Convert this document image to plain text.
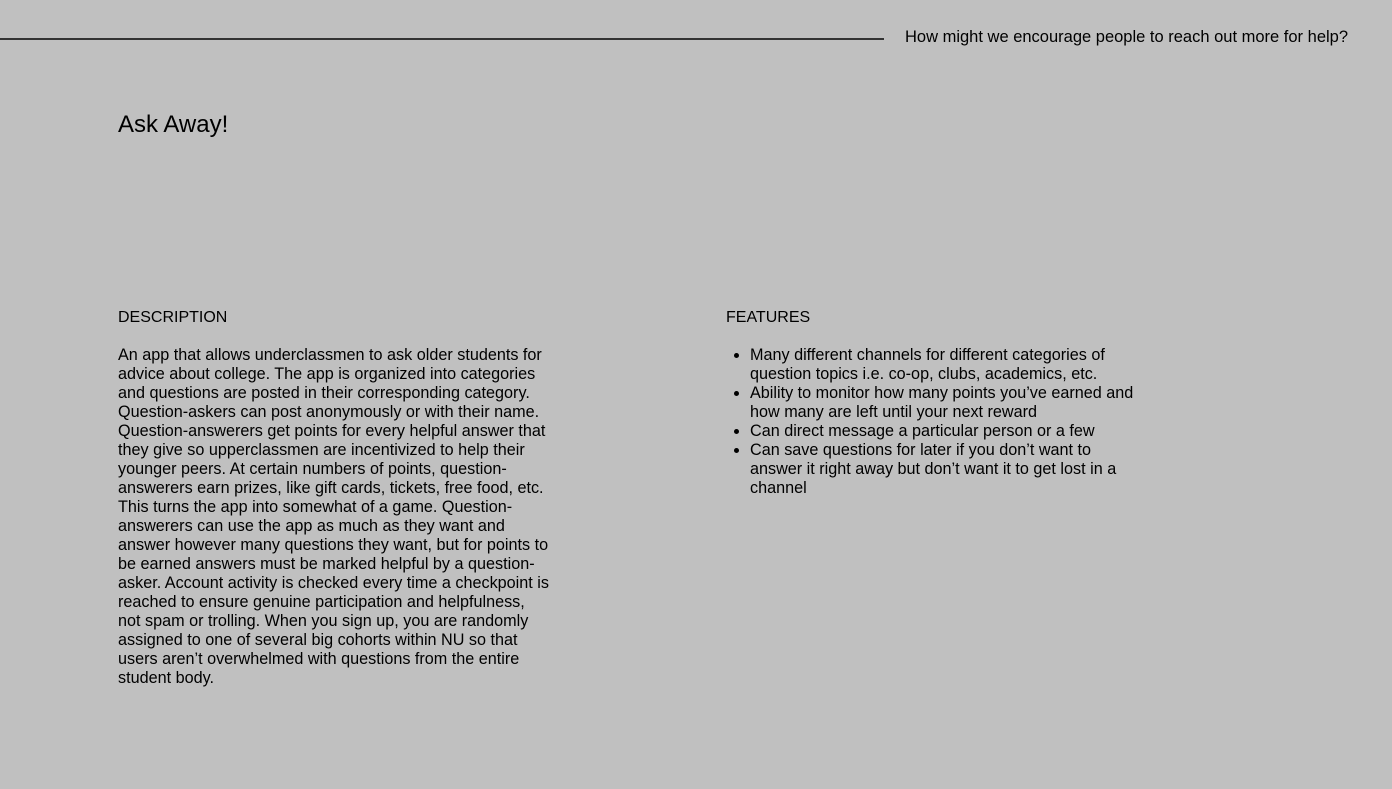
How might we encourage people to reach out more for help?
Ask Away!
DESCRIPTION

An app that allows underclassmen to ask older students for advice about college. The app is organized into categories and questions are posted in their corresponding category. Question-askers can post anonymously or with their name. Question-answerers get points for every helpful answer that they give so upperclassmen are incentivized to help their younger peers. At certain numbers of points, question-answerers earn prizes, like gift cards, tickets, free food, etc. This turns the app into somewhat of a game. Question-answerers can use the app as much as they want and answer however many questions they want, but for points to be earned answers must be marked helpful by a question-asker. Account activity is checked every time a checkpoint is reached to ensure genuine participation and helpfulness, not spam or trolling. When you sign up, you are randomly assigned to one of several big cohorts within NU so that users aren’t overwhelmed with questions from the entire student body.

FEATURES
• Many different channels for different categories of question topics i.e. co-op, clubs, academics, etc.
• Ability to monitor how many points you’ve earned and how many are left until your next reward
• Can direct message a particular person or a few
• Can save questions for later if you don’t want to answer it right away but don’t want it to get lost in a channel
